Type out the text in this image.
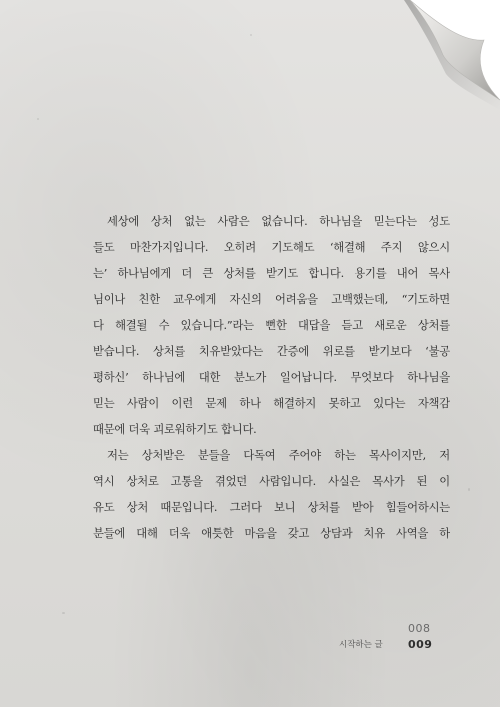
세상에 상처 없는 사람은 없습니다. 하나님을 믿는다는 성도
들도 마찬가지입니다. 오히려 기도해도 ‘해결해 주지 않으시
는’ 하나님에게 더 큰 상처를 받기도 합니다. 용기를 내어 목사
님이나 친한 교우에게 자신의 어려움을 고백했는데, “기도하면
다 해결될 수 있습니다.”라는 뻔한 대답을 듣고 새로운 상처를
받습니다. 상처를 치유받았다는 간증에 위로를 받기보다 ‘불공
평하신’ 하나님에 대한 분노가 일어납니다. 무엇보다 하나님을
믿는 사람이 이런 문제 하나 해결하지 못하고 있다는 자책감
때문에 더욱 괴로워하기도 합니다.
저는 상처받은 분들을 다독여 주어야 하는 목사이지만, 저
역시 상처로 고통을 겪었던 사람입니다. 사실은 목사가 된 이
유도 상처 때문입니다. 그러다 보니 상처를 받아 힘들어하시는
분들에 대해 더욱 애틋한 마음을 갖고 상담과 치유 사역을 하
시작하는 글
008
009
